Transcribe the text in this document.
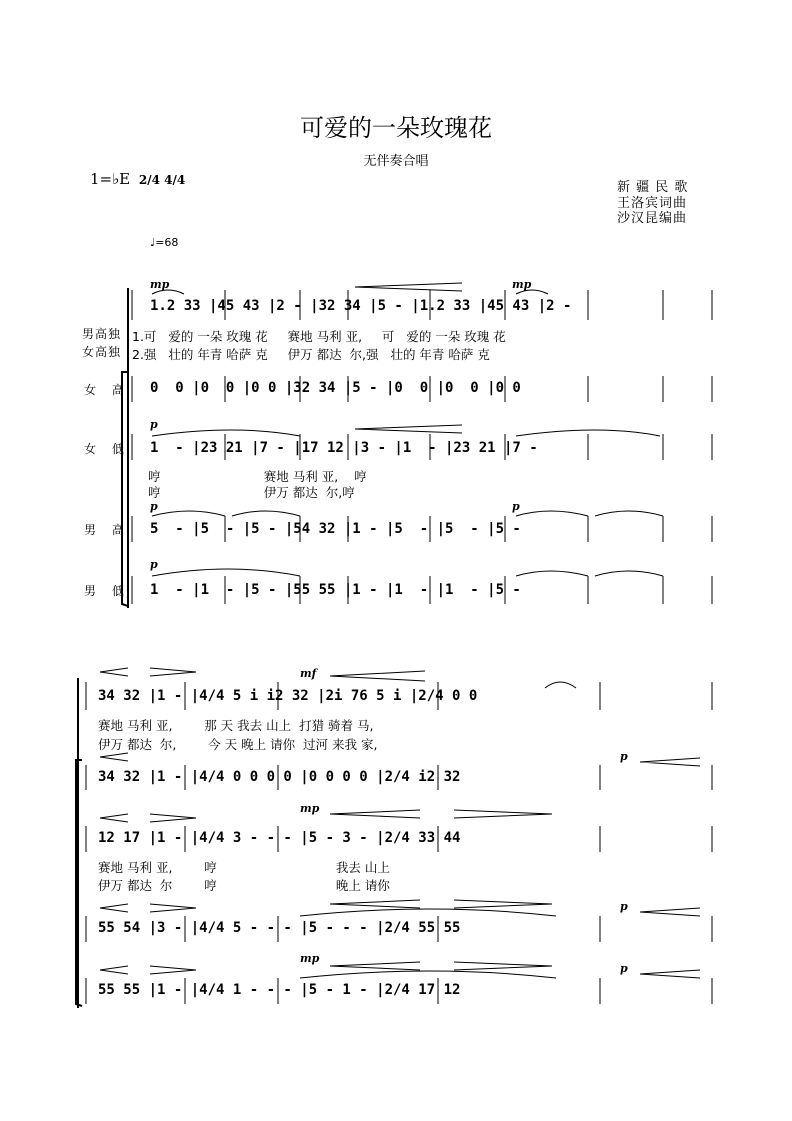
可爱的一朵玫瑰花
无伴奏合唱
1=♭E 2/4 4/4	新 疆 民 歌
王洛宾词曲
沙汉昆编曲
♩=68
男高独
女高独
女 高
女 低
男 高
男 低
mp	mp
p
p	p
p
mf
mp
mp
p
p
p
1.2 33 |45 43 |2 - |32 34 |5 - |1.2 33 |45 43 |2 -
1.可   爱的 一朵 玫瑰 花     赛地 马利 亚,     可   爱的 一朵 玫瑰 花
2.强   壮的 年青 哈萨 克     伊万 都达  尔,强   壮的 年青 哈萨 克
0  0 |0  0 |0 0 |32 34 |5 - |0  0 |0  0 |0 0
1  - |23 21 |7 - |17 12 |3 - |1  - |23 21 |7 -
哼                          赛地 马利 亚,    哼
哼                          伊万 都达  尔,哼
5  - |5  - |5 - |54 32 |1 - |5  - |5  - |5 -
1  - |1  - |5 - |55 55 |1 - |1  - |1  - |5 -
34 32 |1 - |4/4 5 i i2 32 |2i 76 5 i |2/4 0 0
赛地 马利 亚,        那 天 我去 山上  打猎 骑着 马,
伊万 都达  尔,        今 天 晚上 请你  过河 来我 家,
34 32 |1 - |4/4 0 0 0 0 |0 0 0 0 |2/4 i2 32
12 17 |1 - |4/4 3 - - - |5 - 3 - |2/4 33 44
赛地 马利 亚,        哼                              我去 山上
伊万 都达  尔        哼                              晚上 请你
55 54 |3 - |4/4 5 - - - |5 - - - |2/4 55 55
55 55 |1 - |4/4 1 - - - |5 - 1 - |2/4 17 12
